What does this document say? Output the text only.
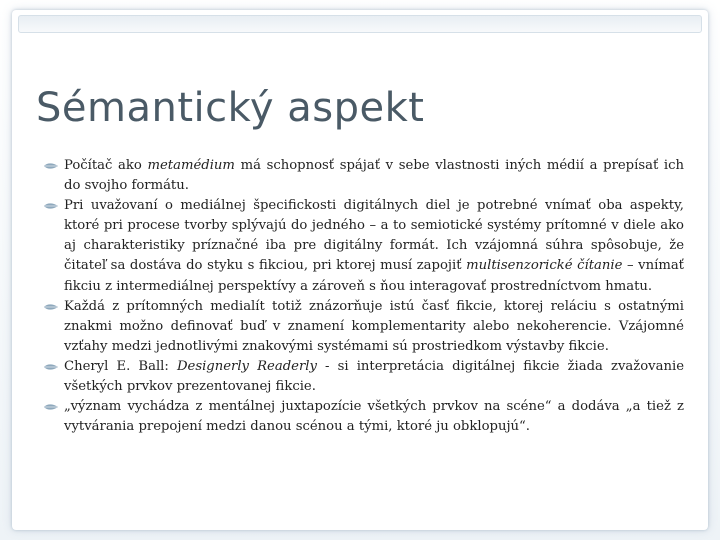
Sémantický aspekt
Počítač ako metamédium má schopnosť spájať v sebe vlastnosti iných médií a prepísať ich do svojho formátu.
Pri uvažovaní o mediálnej špecifickosti digitálnych diel je potrebné vnímať oba aspekty, ktoré pri procese tvorby splývajú do jedného – a to semiotické systémy prítomné v diele ako aj charakteristiky príznačné iba pre digitálny formát. Ich vzájomná súhra spôsobuje, že čitateľ sa dostáva do styku s fikciou, pri ktorej musí zapojiť multisenzorické čítanie – vnímať fikciu z intermediálnej perspektívy a zároveň s ňou interagovať prostredníctvom hmatu.
Každá z prítomných medialít totiž znázorňuje istú časť fikcie, ktorej reláciu s ostatnými znakmi možno definovať buď v znamení komplementarity alebo nekoherencie. Vzájomné vzťahy medzi jednotlivými znakovými systémami sú prostriedkom výstavby fikcie.
Cheryl E. Ball: Designerly Readerly - si interpretácia digitálnej fikcie žiada zvažovanie všetkých prvkov prezentovanej fikcie.
„význam vychádza z mentálnej juxtapozície všetkých prvkov na scéne“ a dodáva „a tiež z vytvárania prepojení medzi danou scénou a tými, ktoré ju obklopujú“.
